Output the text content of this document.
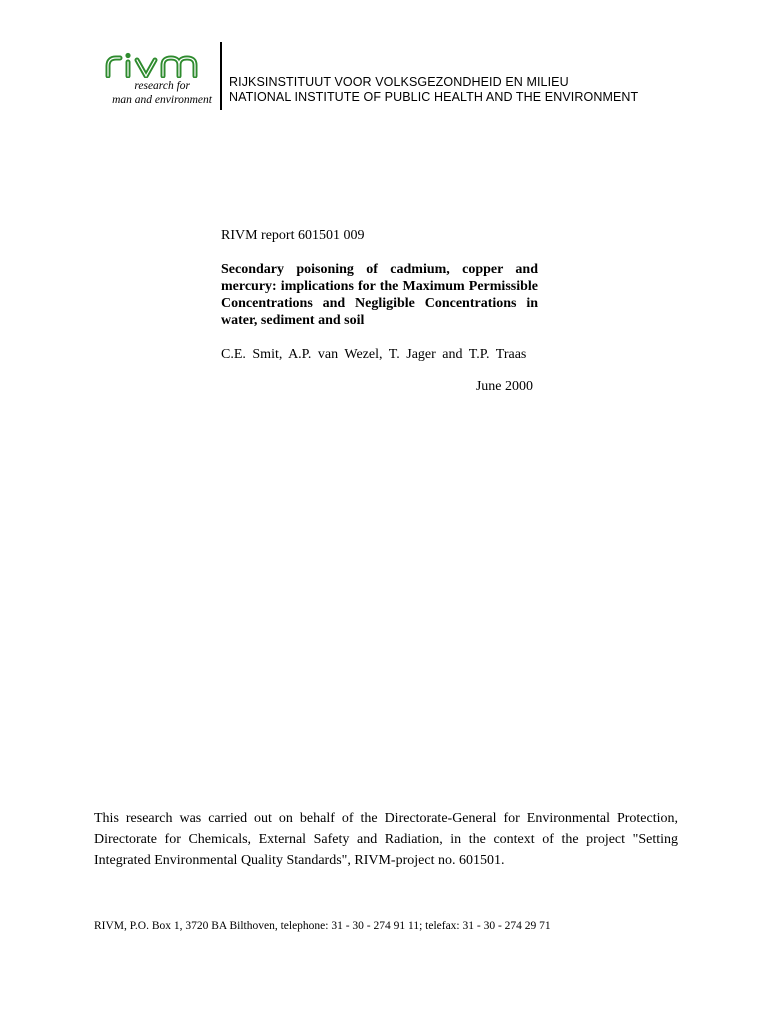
research for
man and environment
RIJKSINSTITUUT VOOR VOLKSGEZONDHEID EN MILIEU
NATIONAL INSTITUTE OF PUBLIC HEALTH AND THE ENVIRONMENT
RIVM report 601501 009

Secondary poisoning of cadmium, copper and mercury: implications for the Maximum Permissible Concentrations and Negligible Concentrations in water, sediment and soil

C.E. Smit, A.P. van Wezel, T. Jager and T.P. Traas
June 2000

This research was carried out on behalf of the Directorate-General for Environmental Protection, Directorate for Chemicals, External Safety and Radiation, in the context of the project "Setting Integrated Environmental Quality Standards", RIVM-project no. 601501.

RIVM, P.O. Box 1, 3720 BA Bilthoven, telephone: 31 - 30 - 274 91 11; telefax: 31 - 30 - 274 29 71
